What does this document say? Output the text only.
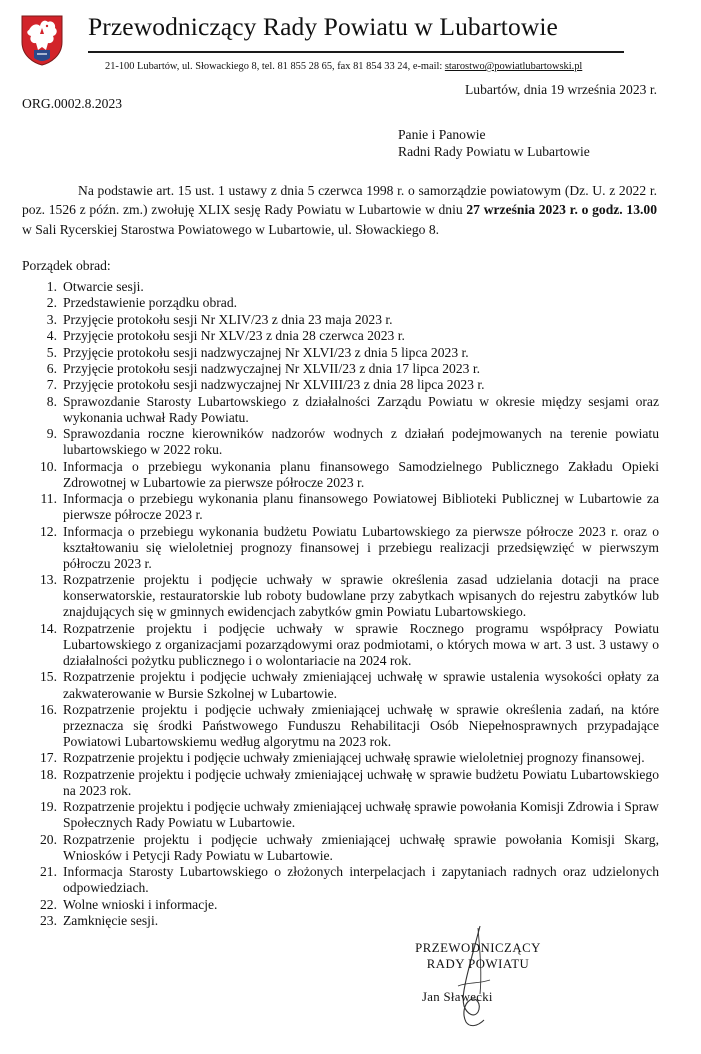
Przewodniczący Rady Powiatu w Lubartowie
21-100 Lubartów, ul. Słowackiego 8, tel. 81 855 28 65, fax 81 854 33 24, e-mail: starostwo@powiatlubartowski.pl
Lubartów, dnia 19 września 2023 r.
ORG.0002.8.2023
Panie i Panowie
Radni Rady Powiatu w Lubartowie

Na podstawie art. 15 ust. 1 ustawy z dnia 5 czerwca 1998 r. o samorządzie powiatowym (Dz. U. z 2022 r. poz. 1526 z późn. zm.) zwołuję XLIX sesję Rady Powiatu w Lubartowie w dniu 27 września 2023 r. o godz. 13.00 w Sali Rycerskiej Starostwa Powiatowego w Lubartowie, ul. Słowackiego 8.

Porządek obrad:
1. Otwarcie sesji.
2. Przedstawienie porządku obrad.
3. Przyjęcie protokołu sesji Nr XLIV/23 z dnia 23 maja 2023 r.
4. Przyjęcie protokołu sesji Nr XLV/23 z dnia 28 czerwca 2023 r.
5. Przyjęcie protokołu sesji nadzwyczajnej Nr XLVI/23 z dnia 5 lipca 2023 r.
6. Przyjęcie protokołu sesji nadzwyczajnej Nr XLVII/23 z dnia 17 lipca 2023 r.
7. Przyjęcie protokołu sesji nadzwyczajnej Nr XLVIII/23 z dnia 28 lipca 2023 r.
8. Sprawozdanie Starosty Lubartowskiego z działalności Zarządu Powiatu w okresie między sesjami oraz wykonania uchwał Rady Powiatu.
9. Sprawozdania roczne kierowników nadzorów wodnych z działań podejmowanych na terenie powiatu lubartowskiego w 2022 roku.
10. Informacja o przebiegu wykonania planu finansowego Samodzielnego Publicznego Zakładu Opieki Zdrowotnej w Lubartowie za pierwsze półrocze 2023 r.
11. Informacja o przebiegu wykonania planu finansowego Powiatowej Biblioteki Publicznej w Lubartowie za pierwsze półrocze 2023 r.
12. Informacja o przebiegu wykonania budżetu Powiatu Lubartowskiego za pierwsze półrocze 2023 r. oraz o kształtowaniu się wieloletniej prognozy finansowej i przebiegu realizacji przedsięwzięć w pierwszym półroczu 2023 r.
13. Rozpatrzenie projektu i podjęcie uchwały w sprawie określenia zasad udzielania dotacji na prace konserwatorskie, restauratorskie lub roboty budowlane przy zabytkach wpisanych do rejestru zabytków lub znajdujących się w gminnych ewidencjach zabytków gmin Powiatu Lubartowskiego.
14. Rozpatrzenie projektu i podjęcie uchwały w sprawie Rocznego programu współpracy Powiatu Lubartowskiego z organizacjami pozarządowymi oraz podmiotami, o których mowa w art. 3 ust. 3 ustawy o działalności pożytku publicznego i o wolontariacie na 2024 rok.
15. Rozpatrzenie projektu i podjęcie uchwały zmieniającej uchwałę w sprawie ustalenia wysokości opłaty za zakwaterowanie w Bursie Szkolnej w Lubartowie.
16. Rozpatrzenie projektu i podjęcie uchwały zmieniającej uchwałę w sprawie określenia zadań, na które przeznacza się środki Państwowego Funduszu Rehabilitacji Osób Niepełnosprawnych przypadające Powiatowi Lubartowskiemu według algorytmu na 2023 rok.
17. Rozpatrzenie projektu i podjęcie uchwały zmieniającej uchwałę sprawie wieloletniej prognozy finansowej.
18. Rozpatrzenie projektu i podjęcie uchwały zmieniającej uchwałę w sprawie budżetu Powiatu Lubartowskiego na 2023 rok.
19. Rozpatrzenie projektu i podjęcie uchwały zmieniającej uchwałę sprawie powołania Komisji Zdrowia i Spraw Społecznych Rady Powiatu w Lubartowie.
20. Rozpatrzenie projektu i podjęcie uchwały zmieniającej uchwałę sprawie powołania Komisji Skarg, Wniosków i Petycji Rady Powiatu w Lubartowie.
21. Informacja Starosty Lubartowskiego o złożonych interpelacjach i zapytaniach radnych oraz udzielonych odpowiedziach.
22. Wolne wnioski i informacje.
23. Zamknięcie sesji.
PRZEWODNICZĄCY
RADY POWIATU
Jan Sławecki
